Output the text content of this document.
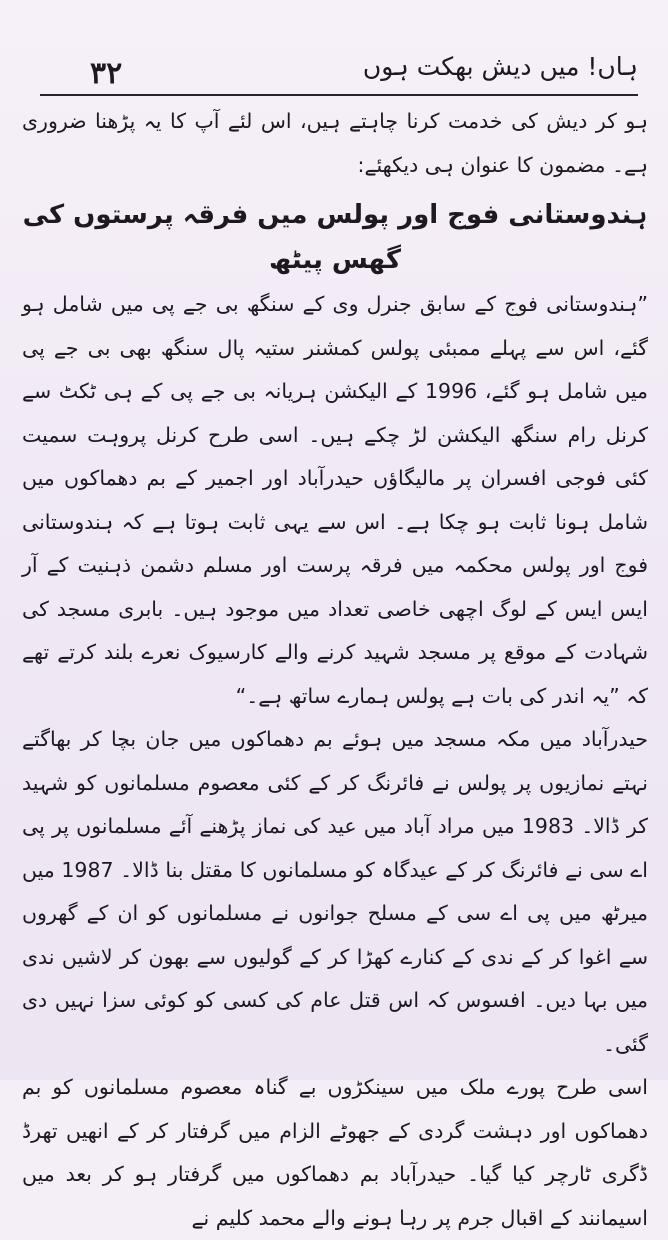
۳۲	ہاں! میں دیش بھکت ہوں

ہو کر دیش کی خدمت کرنا چاہتے ہیں، اس لئے آپ کا یہ پڑھنا ضروری ہے۔ مضمون کا عنوان ہی دیکھئے:

ہندوستانی فوج اور پولس میں فرقہ پرستوں کی گھس پیٹھ

”ہندوستانی فوج کے سابق جنرل وی کے سنگھ بی جے پی میں شامل ہو گئے، اس سے پہلے ممبئی پولس کمشنر ستیہ پال سنگھ بھی بی جے پی میں شامل ہو گئے، 1996 کے الیکشن ہریانہ بی جے پی کے ہی ٹکٹ سے کرنل رام سنگھ الیکشن لڑ چکے ہیں۔ اسی طرح کرنل پروہت سمیت کئی فوجی افسران پر مالیگاؤں حیدرآباد اور اجمیر کے بم دھماکوں میں شامل ہونا ثابت ہو چکا ہے۔ اس سے یہی ثابت ہوتا ہے کہ ہندوستانی فوج اور پولس محکمہ میں فرقہ پرست اور مسلم دشمن ذہنیت کے آر ایس ایس کے لوگ اچھی خاصی تعداد میں موجود ہیں۔ بابری مسجد کی شہادت کے موقع پر مسجد شہید کرنے والے کارسیوک نعرے بلند کرتے تھے کہ ”یہ اندر کی بات ہے پولس ہمارے ساتھ ہے۔“

حیدرآباد میں مکہ مسجد میں ہوئے بم دھماکوں میں جان بچا کر بھاگتے نہتے نمازیوں پر پولس نے فائرنگ کر کے کئی معصوم مسلمانوں کو شہید کر ڈالا۔ 1983 میں مراد آباد میں عید کی نماز پڑھنے آئے مسلمانوں پر پی اے سی نے فائرنگ کر کے عیدگاہ کو مسلمانوں کا مقتل بنا ڈالا۔ 1987 میں میرٹھ میں پی اے سی کے مسلح جوانوں نے مسلمانوں کو ان کے گھروں سے اغوا کر کے ندی کے کنارے کھڑا کر کے گولیوں سے بھون کر لاشیں ندی میں بہا دیں۔ افسوس کہ اس قتل عام کی کسی کو کوئی سزا نہیں دی گئی۔

اسی طرح پورے ملک میں سینکڑوں بے گناہ معصوم مسلمانوں کو بم دھماکوں اور دہشت گردی کے جھوٹے الزام میں گرفتار کر کے انھیں تھرڈ ڈگری ٹارچر کیا گیا۔ حیدرآباد بم دھماکوں میں گرفتار ہو کر بعد میں اسیمانند کے اقبال جرم پر رہا ہونے والے محمد کلیم نے
